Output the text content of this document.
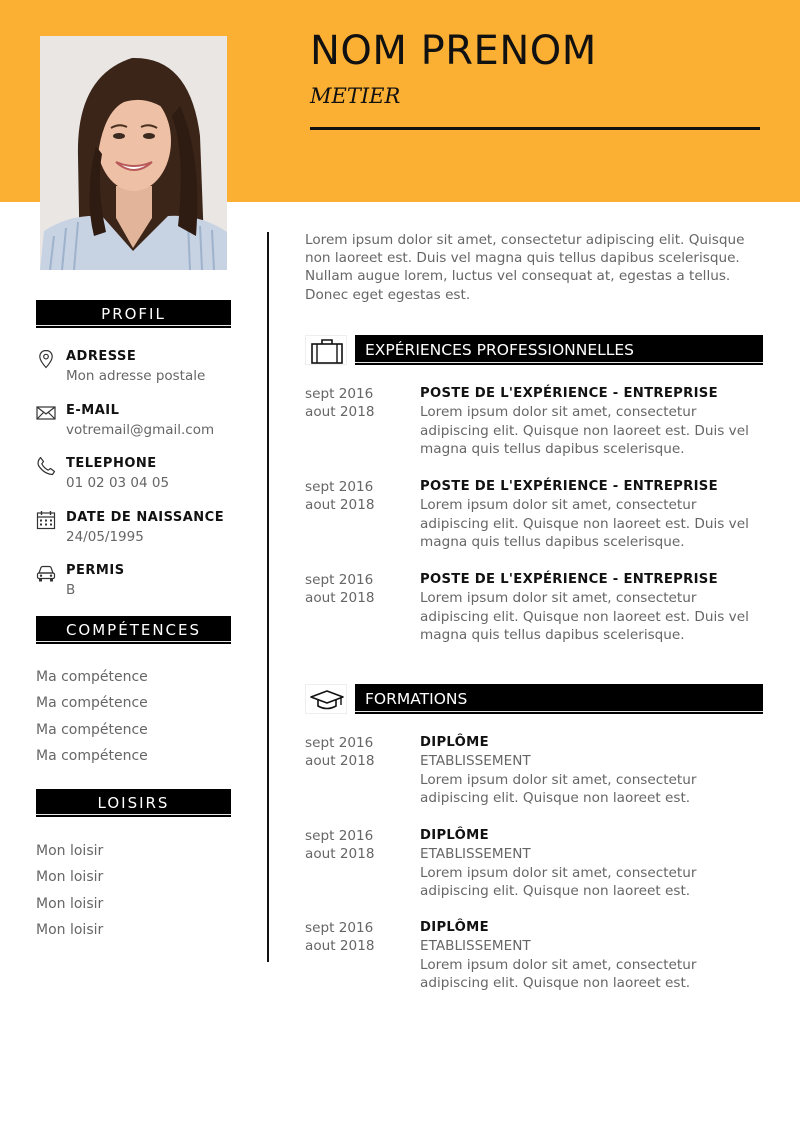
NOM PRENOM
METIER
PROFIL
ADRESSE
Mon adresse postale
E-MAIL
votremail@gmail.com
TELEPHONE
01 02 03 04 05
DATE DE NAISSANCE
24/05/1995
PERMIS
B
COMPÉTENCES
Ma compétence
Ma compétence
Ma compétence
Ma compétence
LOISIRS
Mon loisir
Mon loisir
Mon loisir
Mon loisir

Lorem ipsum dolor sit amet, consectetur adipiscing elit. Quisque non laoreet est. Duis vel magna quis tellus dapibus scelerisque. Nullam augue lorem, luctus vel consequat at, egestas a tellus. Donec eget egestas est.

EXPÉRIENCES PROFESSIONNELLES
sept 2016
aout 2018
POSTE DE L'EXPÉRIENCE - ENTREPRISE
Lorem ipsum dolor sit amet, consectetur adipiscing elit. Quisque non laoreet est. Duis vel magna quis tellus dapibus scelerisque.
sept 2016
aout 2018
POSTE DE L'EXPÉRIENCE - ENTREPRISE
Lorem ipsum dolor sit amet, consectetur adipiscing elit. Quisque non laoreet est. Duis vel magna quis tellus dapibus scelerisque.
sept 2016
aout 2018
POSTE DE L'EXPÉRIENCE - ENTREPRISE
Lorem ipsum dolor sit amet, consectetur adipiscing elit. Quisque non laoreet est. Duis vel magna quis tellus dapibus scelerisque.
FORMATIONS
sept 2016
aout 2018
DIPLÔME
ETABLISSEMENT
Lorem ipsum dolor sit amet, consectetur adipiscing elit. Quisque non laoreet est.
sept 2016
aout 2018
DIPLÔME
ETABLISSEMENT
Lorem ipsum dolor sit amet, consectetur adipiscing elit. Quisque non laoreet est.
sept 2016
aout 2018
DIPLÔME
ETABLISSEMENT
Lorem ipsum dolor sit amet, consectetur adipiscing elit. Quisque non laoreet est.
